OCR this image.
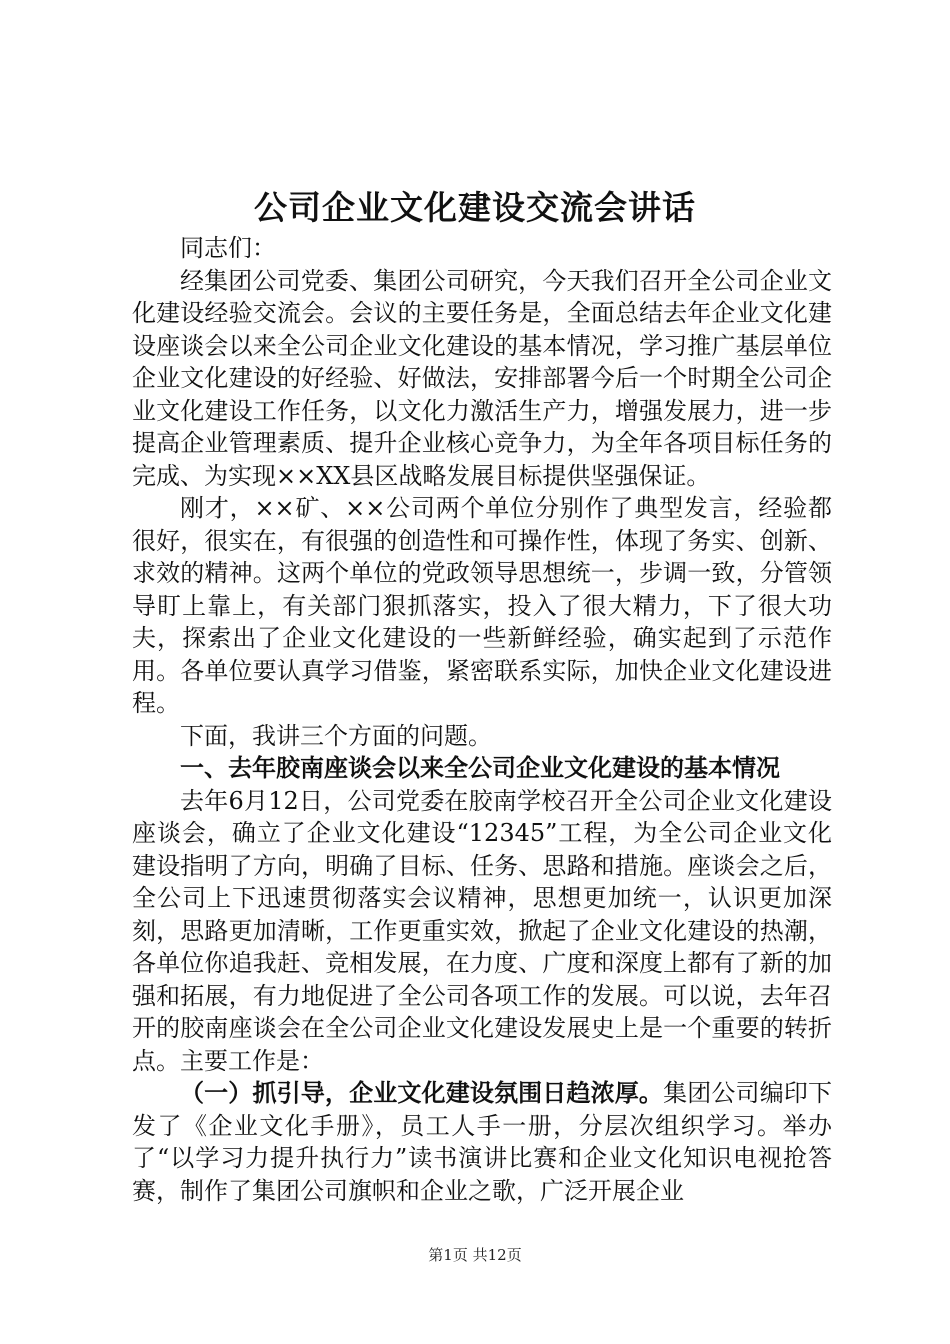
公司企业文化建设交流会讲话

同志们：

经集团公司党委、集团公司研究，今天我们召开全公司企业文化建设经验交流会。会议的主要任务是，全面总结去年企业文化建设座谈会以来全公司企业文化建设的基本情况，学习推广基层单位企业文化建设的好经验、好做法，安排部署今后一个时期全公司企业文化建设工作任务，以文化力激活生产力，增强发展力，进一步提高企业管理素质、提升企业核心竞争力，为全年各项目标任务的完成、为实现××XX县区战略发展目标提供坚强保证。

刚才，××矿、××公司两个单位分别作了典型发言，经验都很好，很实在，有很强的创造性和可操作性，体现了务实、创新、求效的精神。这两个单位的党政领导思想统一，步调一致，分管领导盯上靠上，有关部门狠抓落实，投入了很大精力，下了很大功夫，探索出了企业文化建设的一些新鲜经验，确实起到了示范作用。各单位要认真学习借鉴，紧密联系实际，加快企业文化建设进程。

下面，我讲三个方面的问题。

一、去年胶南座谈会以来全公司企业文化建设的基本情况

去年6月12日，公司党委在胶南学校召开全公司企业文化建设座谈会，确立了企业文化建设“12345”工程，为全公司企业文化建设指明了方向，明确了目标、任务、思路和措施。座谈会之后，全公司上下迅速贯彻落实会议精神，思想更加统一，认识更加深刻，思路更加清晰，工作更重实效，掀起了企业文化建设的热潮，各单位你追我赶、竞相发展，在力度、广度和深度上都有了新的加强和拓展，有力地促进了全公司各项工作的发展。可以说，去年召开的胶南座谈会在全公司企业文化建设发展史上是一个重要的转折点。主要工作是：

（一）抓引导，企业文化建设氛围日趋浓厚。集团公司编印下发了《企业文化手册》，员工人手一册，分层次组织学习。举办了“以学习力提升执行力”读书演讲比赛和企业文化知识电视抢答赛，制作了集团公司旗帜和企业之歌，广泛开展企业

第1页 共12页
